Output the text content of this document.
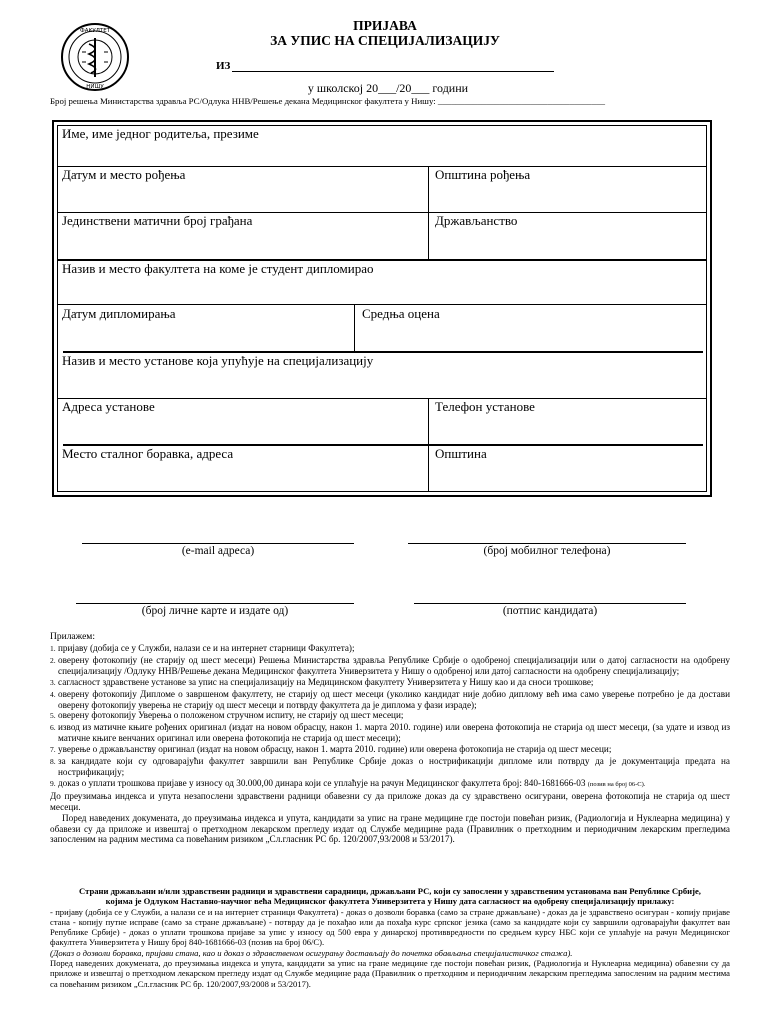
ФАКУЛТЕТ
НИШУ
ПРИЈАВА
ЗА УПИС НА СПЕЦИЈАЛИЗАЦИЈУ
ИЗ
у школској 20___/20___ години
Број решења Министарства здравља РС/Одлука ННВ/Решење декана Медицинског факултета у Нишу: ______________________________________
Име, име једног родитеља, презиме
Датум и место рођења	Општина рођења
Јединствени матични број грађана	Држављанство
Назив и место факултета на коме је студент дипломирао
Датум дипломирања	Средња оцена
Назив и место установе која упућује на специјализацију
Адреса установе	Телефон установе
Место сталног боравка, адреса	Општина
(e-mail адреса)	(број мобилног телефона)
(број личне карте и издате од)	(потпис кандидата)
Прилажем:
1. пријаву (добија се у Служби, налази се и на интернет старници Факултета);
2. оверену фотокопију (не старију од шест месеци) Решења Министарства здравља Републике Србије о одобреној специјализацији или о датој сагласности на одобрену специјализацију /Одлуку ННВ/Решење декана Медицинског факултета Универзитета у Нишу о одобреној или датој сагласности на одобрену специјализацију;
3. сагласност здравствене установе за упис на специјализацију на Медицинском факултету Универзитета у Нишу као и да сноси трошкове;
4. оверену фотокопију Дипломе о завршеном факултету, не старију од шест месеци (уколико кандидат није добио диплому већ има само уверење потребно је да достави оверену фотокопију уверења не старију од шест месеци и потврду факултета да је диплома у фази израде);
5. оверену фотокопију Уверења о положеном стручном испиту, не старију од шест месеци;
6. извод из матичне књиге рођених оригинал (издат на новом обрасцу, након 1. марта 2010. године) или оверена фотокопија не старија од шест месеци, (за удате и извод из матичне књиге венчаних оригинал или оверена фотокопија не старија од шест месеци);
7. уверење о држављанству оригинал (издат на новом обрасцу, након 1. марта 2010. године) или оверена фотокопија не старија од шест месеци;
8. за кандидате који су одговарајући факултет завршили ван Републике Србије доказ о нострификацији дипломе или потврду да је документација предата на нострификацију;
9. доказ о уплати трошкова пријаве у износу од 30.000,00 динара који се уплаћује на рачун Медицинског факултета број: 840-1681666-03 (позив на број 06-С).
До преузимања индекса и упута незапослени здравствени радници обавезни су да приложе доказ да су здравствено осигурани, оверена фотокопија не старија од шест месеци.
Поред наведених докумената, до преузимања индекса и упута, кандидати за упис на гране медицине где постоји повећан ризик, (Радиологија и Нуклеарна медицина) у обавези су да приложе и извештај о претходном лекарском прегледу издат од Службе медицине рада (Правилник о претходним и периодичним лекарским прегледима запосленим на радним местима са повећаним ризиком „Сл.гласник РС бр. 120/2007,93/2008 и 53/2017).
Страни држављани и/или здравствени радници и здравствени сарадници, држављани РС, који су запослени у здравственим установама ван Републике Србије,
којима је Одлуком Наставно-научног већа Медицинског факултета Универзитета у Нишу дата сагласност на одобрену специјализацију прилажу:
- пријаву (добија се у Служби, а налази се и на интернет страници Факултета) - доказ о дозволи боравка (само за стране држављане) - доказ да је здравствено осигуран - копију пријаве стана - копију путне исправе (само за стране држављане) - потврду да је похађао или да похађа курс српског језика (само за кандидате који су завршили одговарајући факултет ван Републике Србије) - доказ о уплати трошкова пријаве за упис у износу од 500 евра у динарској противвредности по средњем курсу НБС који се уплаћује на рачун Медицинског факултета Универзитета у Нишу број 840-1681666-03 (позив на број 06/С).
(Доказ о дозволи боравка, пријави стана, као и доказ о здравственом осигурању достављају до почетка обављања специјалистичког стажа).
Поред наведених докумената, до преузимања индекса и упута, кандидати за упис на гране медицине где постоји повећан ризик, (Радиологија и Нуклеарна медицина) обавезни су да приложе и извештај о претходном лекарском прегледу издат од Службе медицине рада (Правилник о претходним и периодичним лекарским прегледима запосленим на радним местима са повећаним ризиком „Сл.гласник РС бр. 120/2007,93/2008 и 53/2017).
